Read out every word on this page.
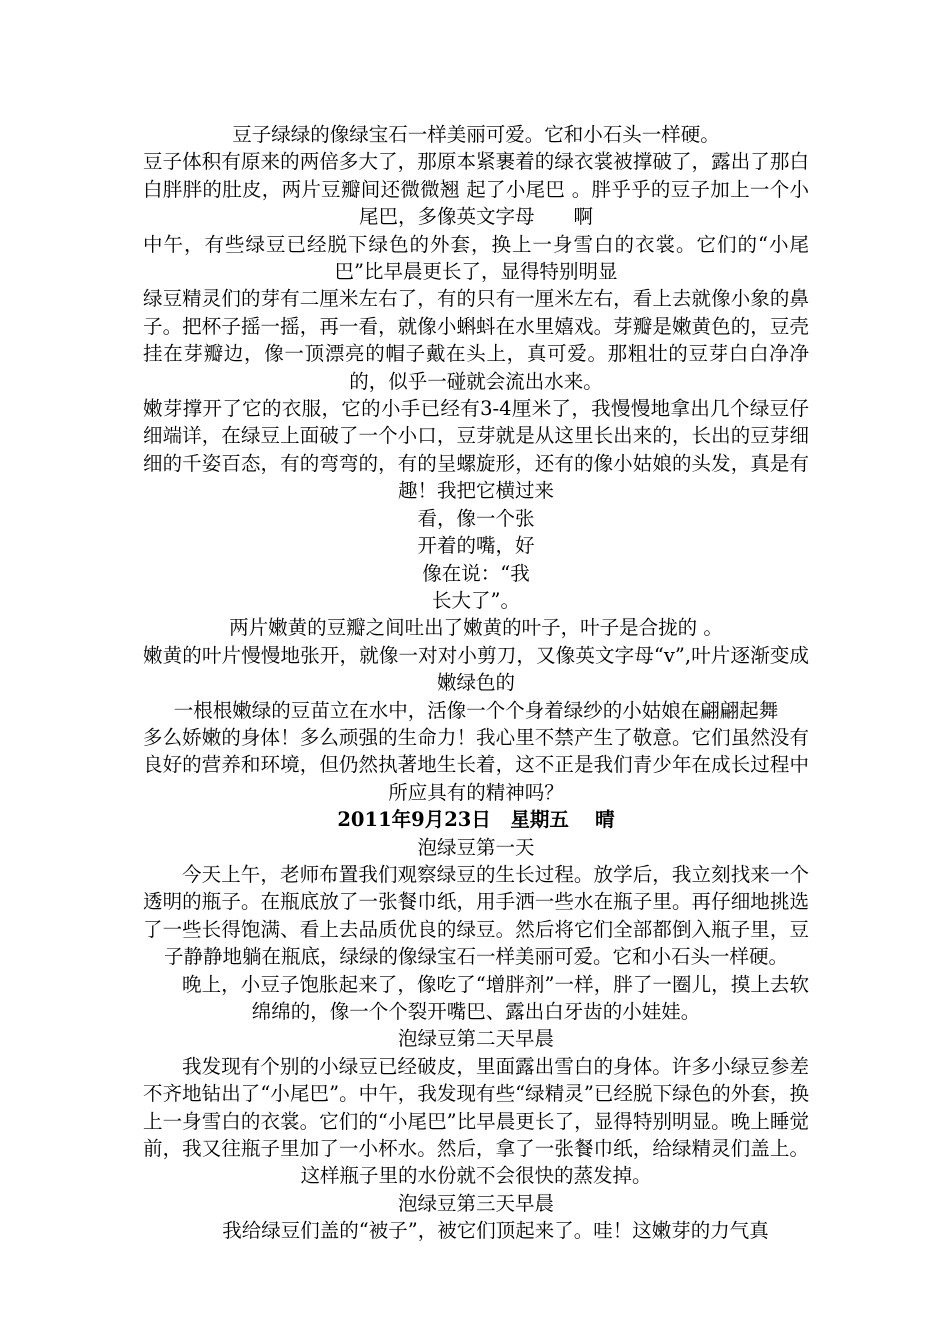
豆子绿绿的像绿宝石一样美丽可爱。它和小石头一样硬。

豆子体积有原来的两倍多大了，那原本紧裹着的绿衣裳被撑破了，露出了那白白胖胖的肚皮，两片豆瓣间还微微翘 起了小尾巴 。胖乎乎的豆子加上一个小尾巴，多像英文字母　　啊

中午，有些绿豆已经脱下绿色的外套，换上一身雪白的衣裳。它们的“小尾巴”比早晨更长了，显得特别明显

绿豆精灵们的芽有二厘米左右了，有的只有一厘米左右，看上去就像小象的鼻子。把杯子摇一摇，再一看，就像小蝌蚪在水里嬉戏。芽瓣是嫩黄色的，豆壳挂在芽瓣边，像一顶漂亮的帽子戴在头上，真可爱。那粗壮的豆芽白白净净的，似乎一碰就会流出水来。

嫩芽撑开了它的衣服，它的小手已经有3-4厘米了，我慢慢地拿出几个绿豆仔细端详，在绿豆上面破了一个小口，豆芽就是从这里长出来的，长出的豆芽细细的千姿百态，有的弯弯的，有的呈螺旋形，还有的像小姑娘的头发，真是有趣！我把它横过来

看，像一个张

开着的嘴，好

像在说：“我

长大了”。

两片嫩黄的豆瓣之间吐出了嫩黄的叶子，叶子是合拢的 。

嫩黄的叶片慢慢地张开，就像一对对小剪刀，又像英文字母“v”,叶片逐渐变成嫩绿色的

一根根嫩绿的豆苗立在水中，活像一个个身着绿纱的小姑娘在翩翩起舞

多么娇嫩的身体！多么顽强的生命力！我心里不禁产生了敬意。它们虽然没有良好的营养和环境，但仍然执著地生长着，这不正是我们青少年在成长过程中所应具有的精神吗？

2011年9月23日　星期五　 晴

泡绿豆第一天

今天上午，老师布置我们观察绿豆的生长过程。放学后，我立刻找来一个透明的瓶子。在瓶底放了一张餐巾纸，用手洒一些水在瓶子里。再仔细地挑选了一些长得饱满、看上去品质优良的绿豆。然后将它们全部都倒入瓶子里，豆子静静地躺在瓶底，绿绿的像绿宝石一样美丽可爱。它和小石头一样硬。

晚上，小豆子饱胀起来了，像吃了“增胖剂”一样，胖了一圈儿，摸上去软绵绵的，像一个个裂开嘴巴、露出白牙齿的小娃娃。

泡绿豆第二天早晨

我发现有个别的小绿豆已经破皮，里面露出雪白的身体。许多小绿豆参差不齐地钻出了“小尾巴”。中午，我发现有些“绿精灵”已经脱下绿色的外套，换上一身雪白的衣裳。它们的“小尾巴”比早晨更长了，显得特别明显。晚上睡觉前，我又往瓶子里加了一小杯水。然后，拿了一张餐巾纸，给绿精灵们盖上。这样瓶子里的水份就不会很快的蒸发掉。

泡绿豆第三天早晨

我给绿豆们盖的“被子”，被它们顶起来了。哇！这嫩芽的力气真
